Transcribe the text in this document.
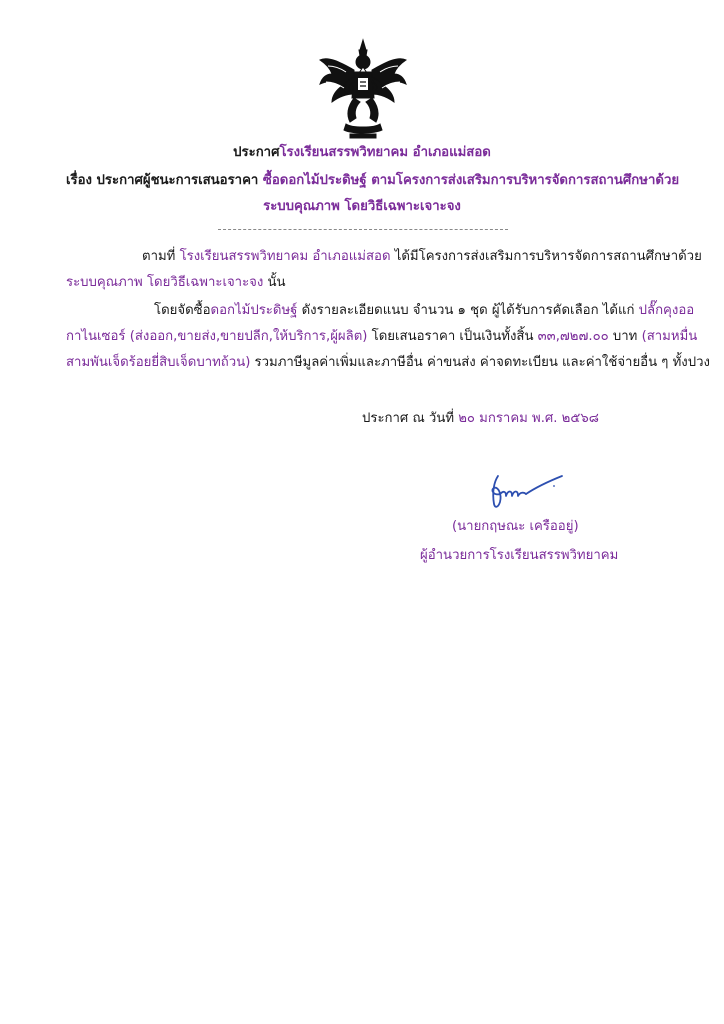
ประกาศโรงเรียนสรรพวิทยาคม อำเภอแม่สอด
เรื่อง ประกาศผู้ชนะการเสนอราคา ซื้อดอกไม้ประดิษฐ์ ตามโครงการส่งเสริมการบริหารจัดการสถานศึกษาด้วย
ระบบคุณภาพ โดยวิธีเฉพาะเจาะจง
ตามที่ โรงเรียนสรรพวิทยาคม อำเภอแม่สอด ได้มีโครงการส่งเสริมการบริหารจัดการสถานศึกษาด้วย
ระบบคุณภาพ โดยวิธีเฉพาะเจาะจง นั้น
โดยจัดซื้อดอกไม้ประดิษฐ์ ดังรายละเอียดแนบ จำนวน ๑ ชุด ผู้ได้รับการคัดเลือก ได้แก่ ปลั๊กคุงออ
กาไนเซอร์ (ส่งออก,ขายส่ง,ขายปลีก,ให้บริการ,ผู้ผลิต) โดยเสนอราคา เป็นเงินทั้งสิ้น ๓๓,๗๒๗.๐๐ บาท (สามหมื่น
สามพันเจ็ดร้อยยี่สิบเจ็ดบาทถ้วน) รวมภาษีมูลค่าเพิ่มและภาษีอื่น ค่าขนส่ง ค่าจดทะเบียน และค่าใช้จ่ายอื่น ๆ ทั้งปวง
ประกาศ ณ วันที่ ๒๐ มกราคม พ.ศ. ๒๕๖๘
(นายกฤษณะ เครืออยู่)
ผู้อำนวยการโรงเรียนสรรพวิทยาคม
